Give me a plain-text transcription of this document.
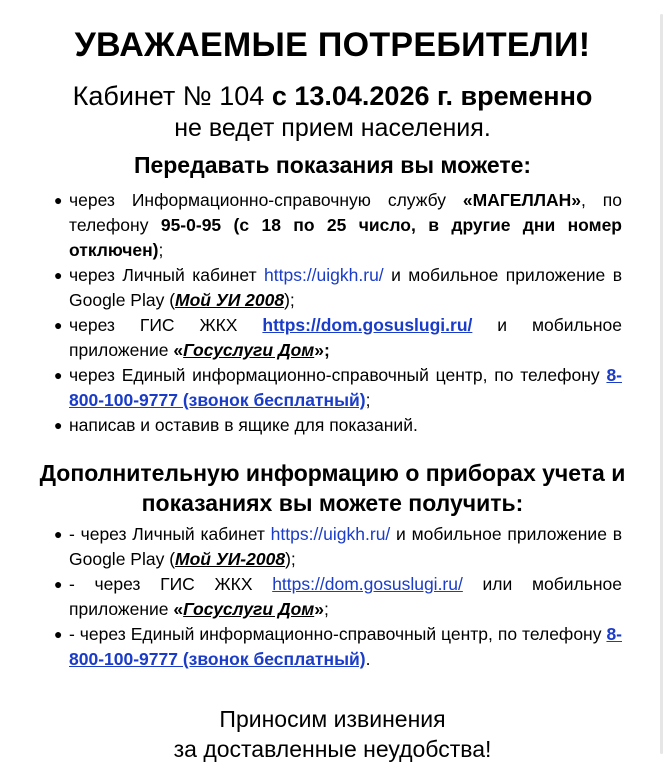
УВАЖАЕМЫЕ ПОТРЕБИТЕЛИ!
Кабинет № 104 с 13.04.2026 г. временно
не ведет прием населения.
Передавать показания вы можете:
● через Информационно-справочную службу «МАГЕЛЛАН», по телефону 95-0-95 (с 18 по 25 число, в другие дни номер отключен);
● через Личный кабинет https://uigkh.ru/ и мобильное приложение в Google Play (Мой УИ 2008);
● через ГИС ЖКХ https://dom.gosuslugi.ru/ и мобильное приложение «Госуслуги Дом»;
● через Единый информационно-справочный центр, по телефону 8-800-100-9777 (звонок бесплатный);
● написав и оставив в ящике для показаний.
Дополнительную информацию о приборах учета и
показаниях вы можете получить:
● - через Личный кабинет https://uigkh.ru/ и мобильное приложение в Google Play (Мой УИ-2008);
● - через ГИС ЖКХ https://dom.gosuslugi.ru/ или мобильное приложение «Госуслуги Дом»;
● - через Единый информационно-справочный центр, по телефону 8-800-100-9777 (звонок бесплатный).
Приносим извинения
за доставленные неудобства!
